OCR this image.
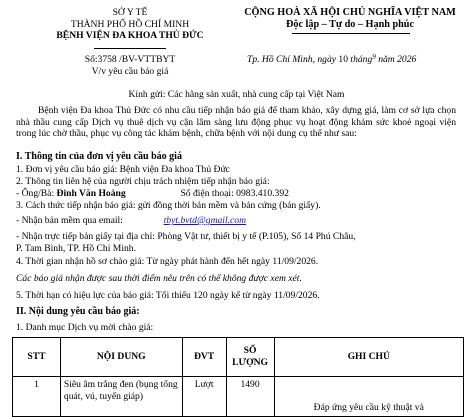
SỞ Y TẾ
THÀNH PHỐ HỒ CHÍ MINH
BỆNH VIỆN ĐA KHOA THỦ ĐỨC
Số:3758 /BV-VTTBYT
V/v yêu cầu báo giá
CỘNG HOÀ XÃ HỘI CHỦ NGHĨA VIỆT NAM
Độc lập – Tự do – Hạnh phúc
Tp. Hồ Chí Minh, ngày 10 tháng$^9$ năm 2026
Kính gửi: Các hãng sản xuất, nhà cung cấp tại Việt Nam
Bệnh viện Đa khoa Thủ Đức có nhu cầu tiếp nhận báo giá để tham khảo, xây dựng giá, làm cơ sở lựa chọn nhà thầu cung cấp Dịch vụ thuê dịch vụ cận lâm sàng lưu động phục vụ hoạt động khám sức khoẻ ngoại viện trong lúc chờ thầu, phục vụ công tác khám bệnh, chữa bệnh với nội dung cụ thể như sau:
I. Thông tin của đơn vị yêu cầu báo giá
1. Đơn vị yêu cầu báo giá: Bệnh viện Đa khoa Thủ Đức
2. Thông tin liên hệ của người chịu trách nhiệm tiếp nhận báo giá:
- Ông/Bà: Đinh Văn Hoàng	Số điện thoại: 0983.410.392
3. Cách thức tiếp nhận báo giá: gửi đồng thời bản mềm và bản cứng (bản giấy).
- Nhận bản mềm qua email:	tbyt.bvtd@gmail.com
- Nhận trực tiếp bản giấy tại địa chỉ: Phòng Vật tư, thiết bị y tế (P.105), Số 14 Phú Châu,
P. Tam Bình, TP. Hồ Chí Minh.
4. Thời gian nhận hồ sơ chào giá: Từ ngày phát hành đến hết ngày 11/09/2026.
Các báo giá nhận được sau thời điểm nêu trên có thể không được xem xét.
5. Thời hạn có hiệu lực của báo giá: Tối thiểu 120 ngày kể từ ngày 11/09/2026.
II. Nội dung yêu cầu báo giá:
1. Danh mục Dịch vụ mời chào giá:
STT	NỘI DUNG	ĐVT	SỐ LƯỢNG	GHI CHÚ
1	Siêu âm trắng đen (bụng tổng quát, vú, tuyến giáp)	Lượt	1490	Đáp ứng yêu cầu kỹ thuật và
